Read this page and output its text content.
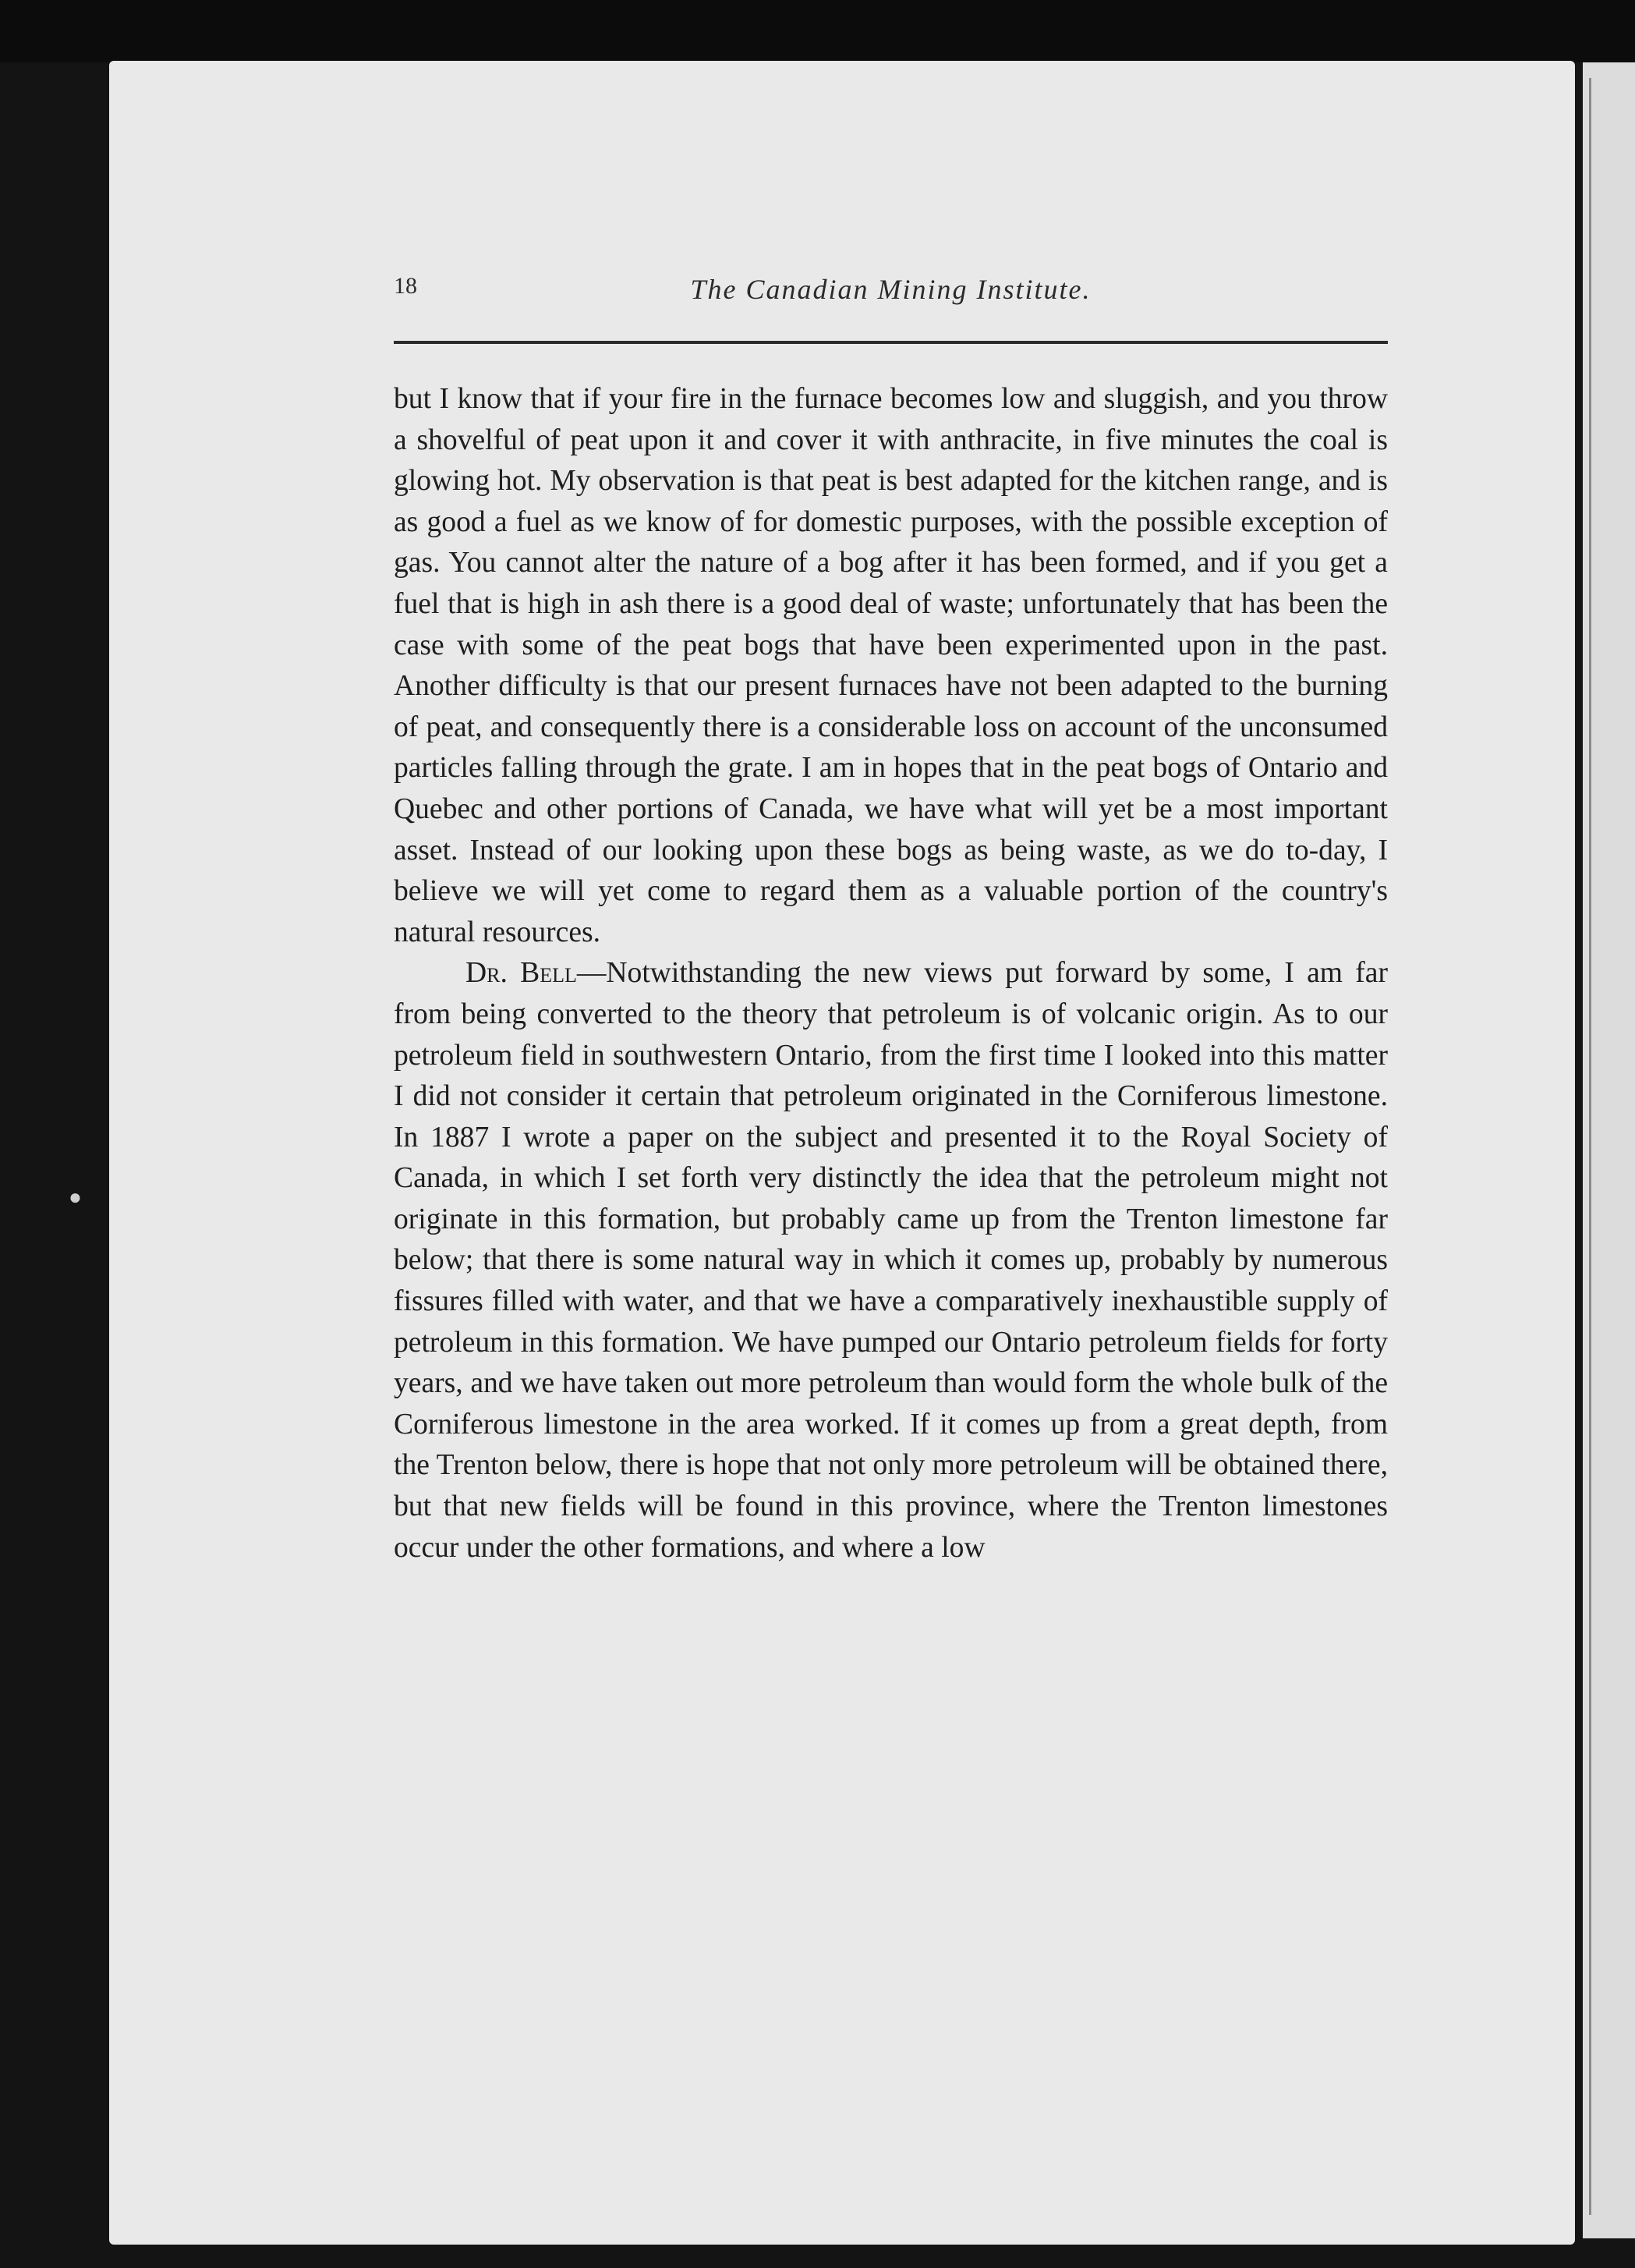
●
18	The Canadian Mining Institute.

but I know that if your fire in the furnace becomes low and sluggish, and you throw a shovelful of peat upon it and cover it with anthracite, in five minutes the coal is glowing hot. My observation is that peat is best adapted for the kitchen range, and is as good a fuel as we know of for domestic purposes, with the possible exception of gas. You cannot alter the nature of a bog after it has been formed, and if you get a fuel that is high in ash there is a good deal of waste; unfortunately that has been the case with some of the peat bogs that have been experimented upon in the past. Another difficulty is that our present furnaces have not been adapted to the burning of peat, and consequently there is a considerable loss on account of the unconsumed particles falling through the grate. I am in hopes that in the peat bogs of Ontario and Quebec and other portions of Canada, we have what will yet be a most important asset. Instead of our looking upon these bogs as being waste, as we do to-day, I believe we will yet come to regard them as a valuable portion of the country's natural resources.

Dr. Bell—Notwithstanding the new views put forward by some, I am far from being converted to the theory that petroleum is of volcanic origin. As to our petroleum field in southwestern Ontario, from the first time I looked into this matter I did not consider it certain that petroleum originated in the Corniferous limestone. In 1887 I wrote a paper on the subject and presented it to the Royal Society of Canada, in which I set forth very distinctly the idea that the petroleum might not originate in this formation, but probably came up from the Trenton limestone far below; that there is some natural way in which it comes up, probably by numerous fissures filled with water, and that we have a comparatively inexhaustible supply of petroleum in this formation. We have pumped our Ontario petroleum fields for forty years, and we have taken out more petroleum than would form the whole bulk of the Corniferous limestone in the area worked. If it comes up from a great depth, from the Trenton below, there is hope that not only more petroleum will be obtained there, but that new fields will be found in this province, where the Trenton limestones occur under the other formations, and where a low
